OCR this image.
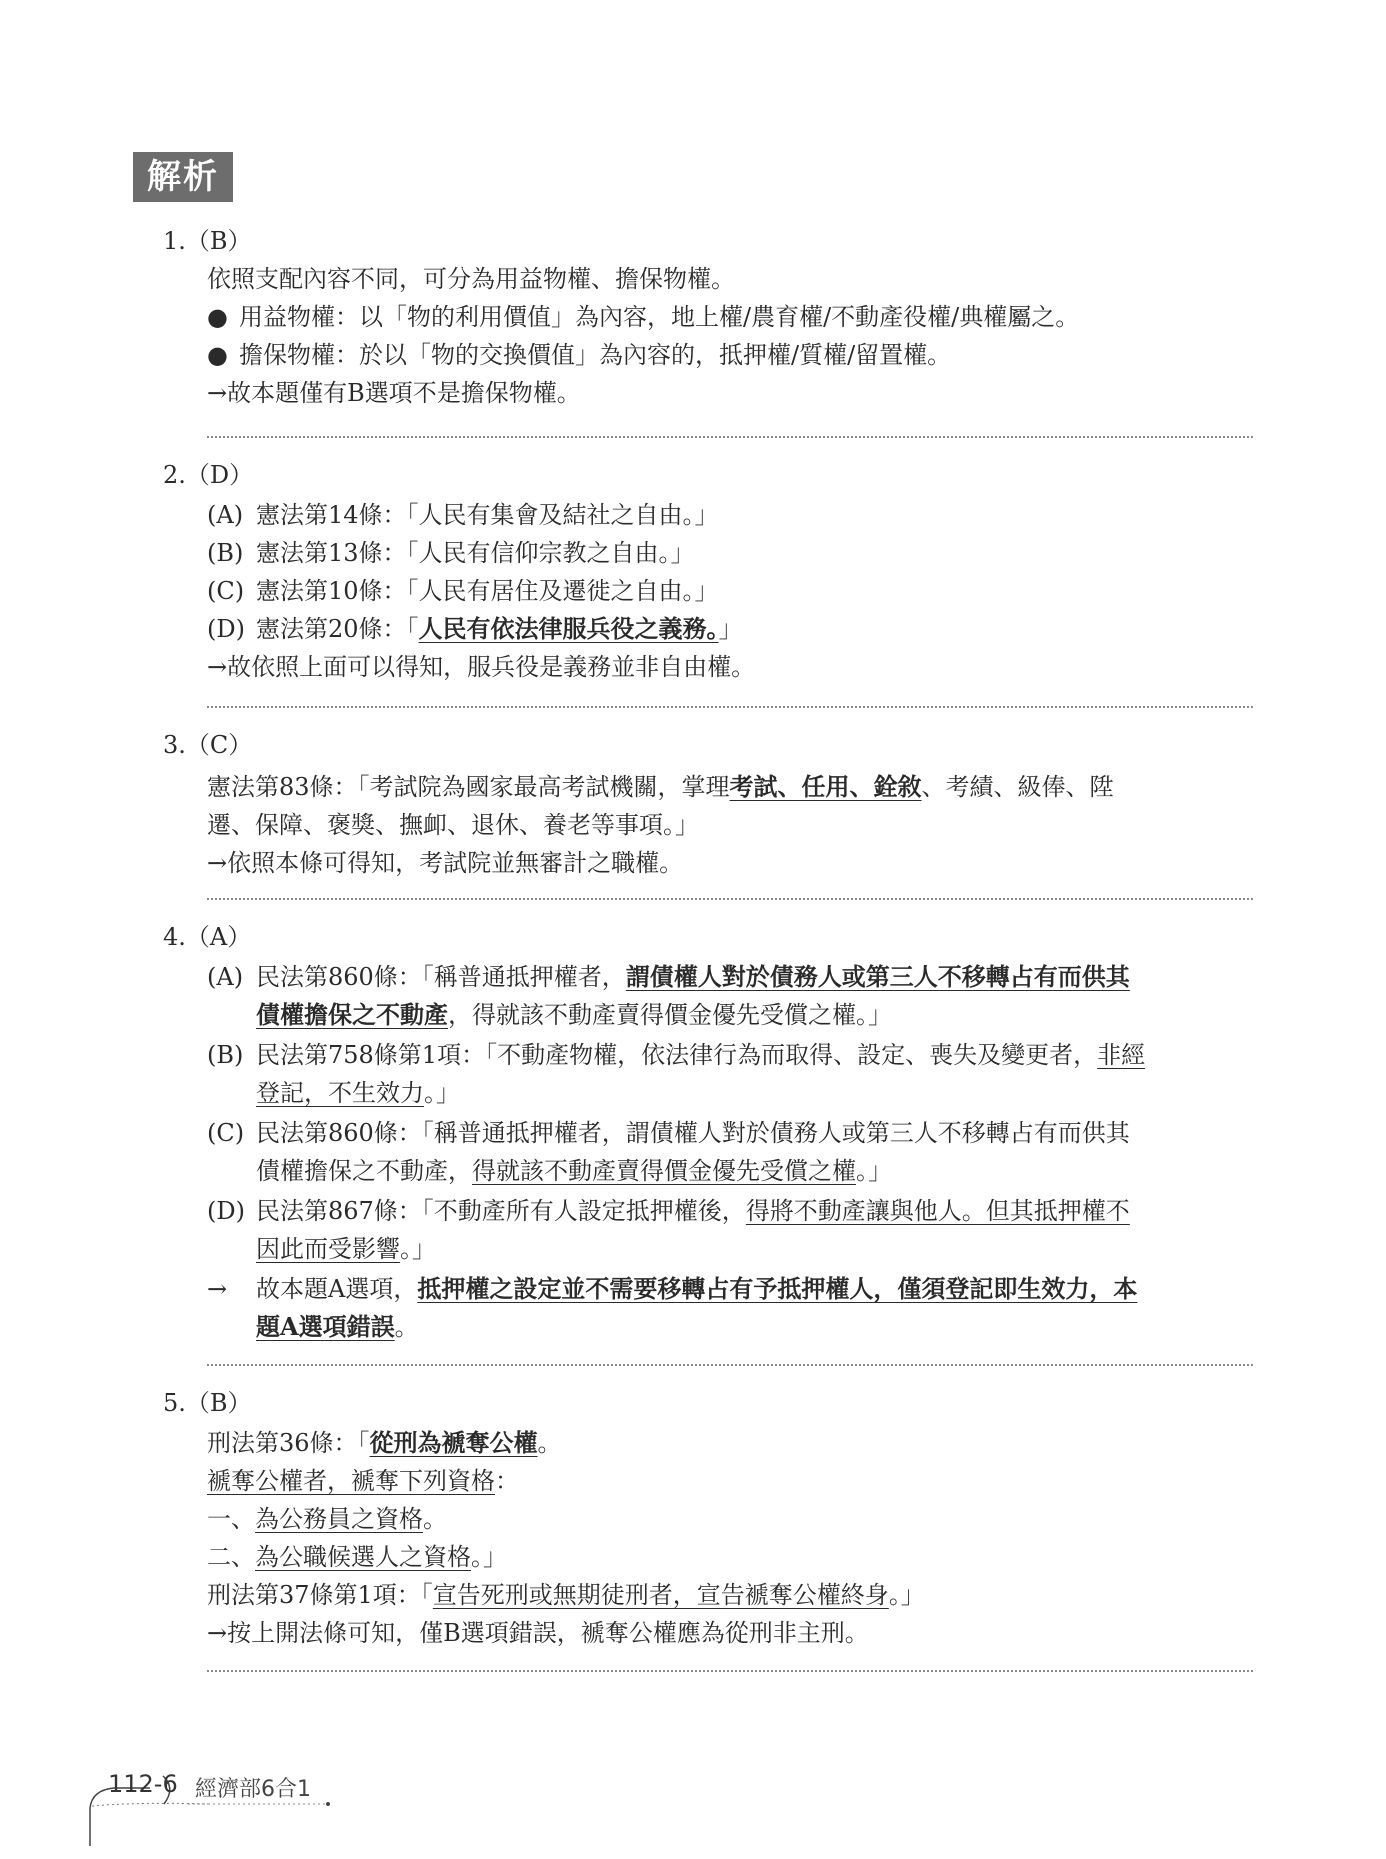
解析
1.（B）
依照支配內容不同，可分為用益物權、擔保物權。
● 用益物權：以「物的利用價值」為內容，地上權/農育權/不動產役權/典權屬之。
● 擔保物權：於以「物的交換價值」為內容的，抵押權/質權/留置權。
→故本題僅有B選項不是擔保物權。
2.（D）
(A) 憲法第14條：「人民有集會及結社之自由。」
(B) 憲法第13條：「人民有信仰宗教之自由。」
(C) 憲法第10條：「人民有居住及遷徙之自由。」
(D) 憲法第20條：「人民有依法律服兵役之義務。」
→故依照上面可以得知，服兵役是義務並非自由權。
3.（C）
憲法第83條：「考試院為國家最高考試機關，掌理考試、任用、銓敘、考績、級俸、陞
遷、保障、褒獎、撫卹、退休、養老等事項。」
→依照本條可得知，考試院並無審計之職權。
4.（A）
(A) 民法第860條：「稱普通抵押權者，謂債權人對於債務人或第三人不移轉占有而供其
債權擔保之不動產，得就該不動產賣得價金優先受償之權。」
(B) 民法第758條第1項：「不動產物權，依法律行為而取得、設定、喪失及變更者，非經
登記，不生效力。」
(C) 民法第860條：「稱普通抵押權者，謂債權人對於債務人或第三人不移轉占有而供其
債權擔保之不動產，得就該不動產賣得價金優先受償之權。」
(D) 民法第867條：「不動產所有人設定抵押權後，得將不動產讓與他人。但其抵押權不
因此而受影響。」
→ 故本題A選項，抵押權之設定並不需要移轉占有予抵押權人，僅須登記即生效力，本
題A選項錯誤。
5.（B）
刑法第36條：「從刑為褫奪公權。
褫奪公權者，褫奪下列資格：
一、為公務員之資格。
二、為公職候選人之資格。」
刑法第37條第1項：「宣告死刑或無期徒刑者，宣告褫奪公權終身。」
→按上開法條可知，僅B選項錯誤，褫奪公權應為從刑非主刑。
112-6 經濟部6合1
